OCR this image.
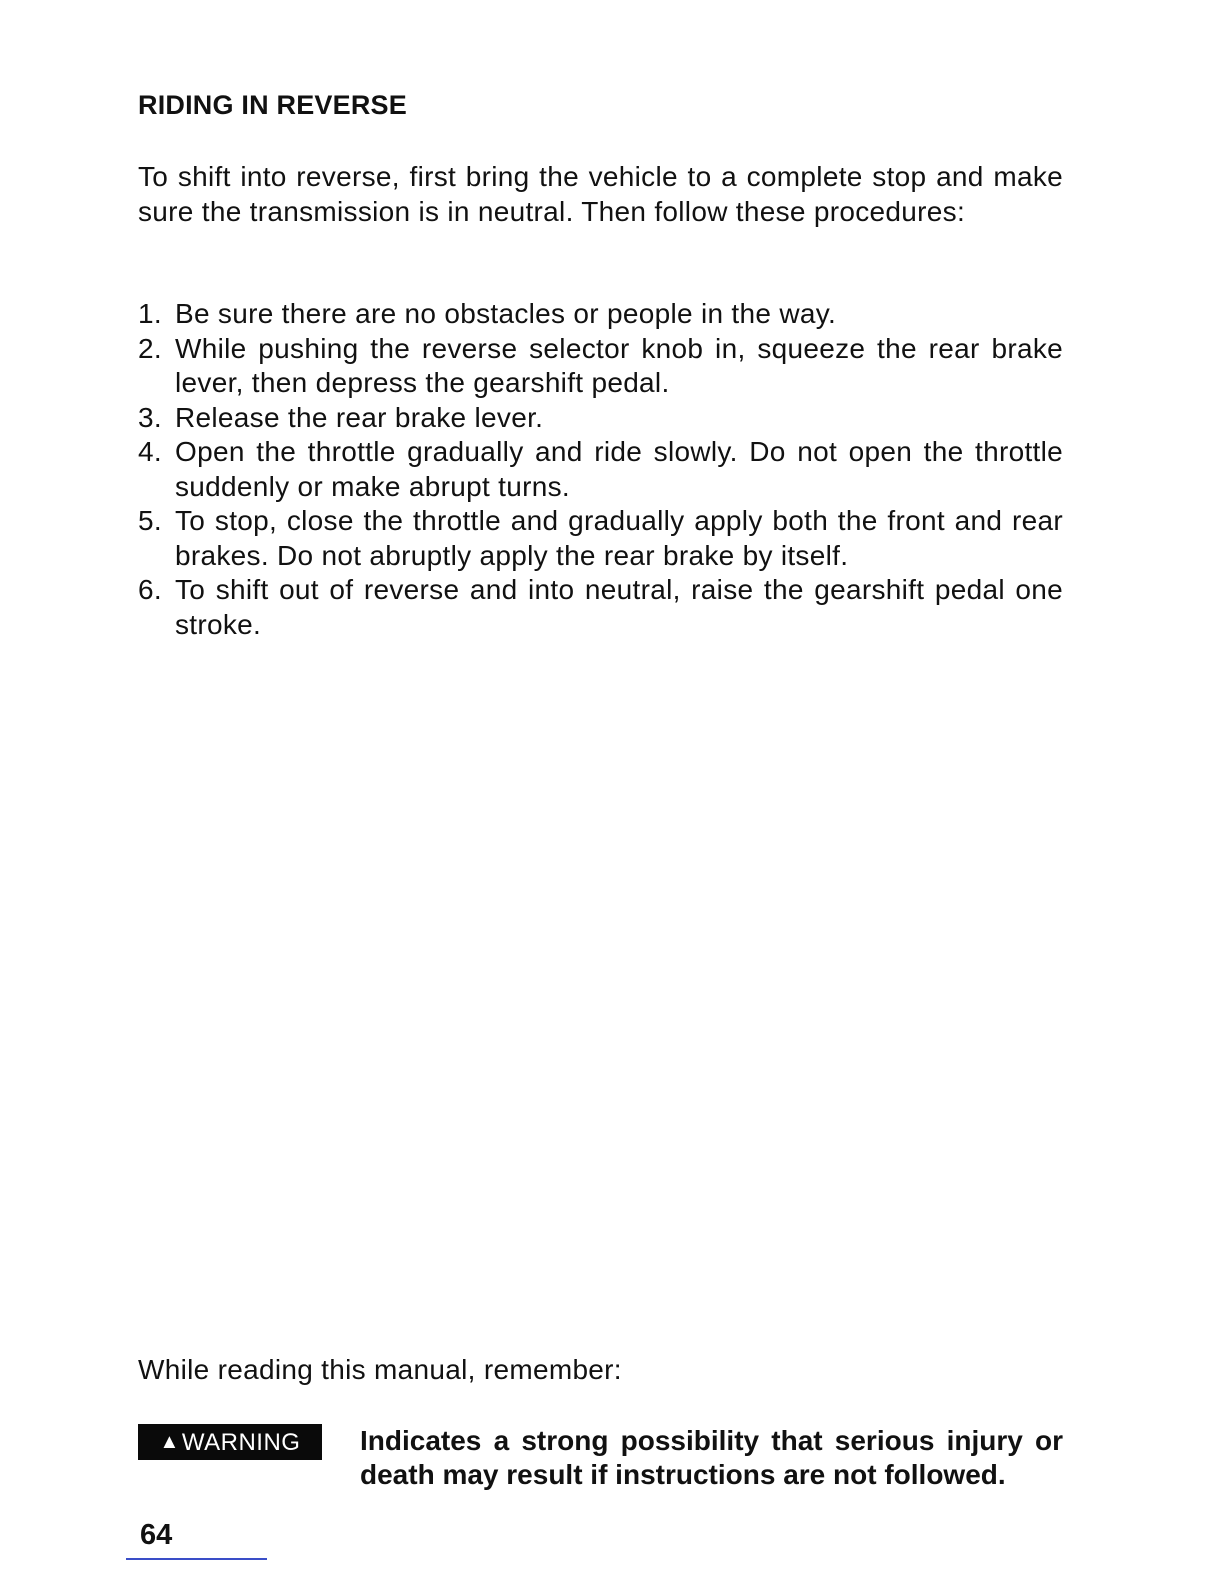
RIDING IN REVERSE

To shift into reverse, first bring the vehicle to a complete stop and make sure the transmission is in neutral. Then follow these procedures:

1. Be sure there are no obstacles or people in the way.
2. While pushing the reverse selector knob in, squeeze the rear brake lever, then depress the gearshift pedal.
3. Release the rear brake lever.
4. Open the throttle gradually and ride slowly. Do not open the throttle suddenly or make abrupt turns.
5. To stop, close the throttle and gradually apply both the front and rear brakes. Do not abruptly apply the rear brake by itself.
6. To shift out of reverse and into neutral, raise the gearshift pedal one stroke.
While reading this manual, remember:
▲ WARNING Indicates a strong possibility that serious injury or death may result if instructions are not followed.
64
